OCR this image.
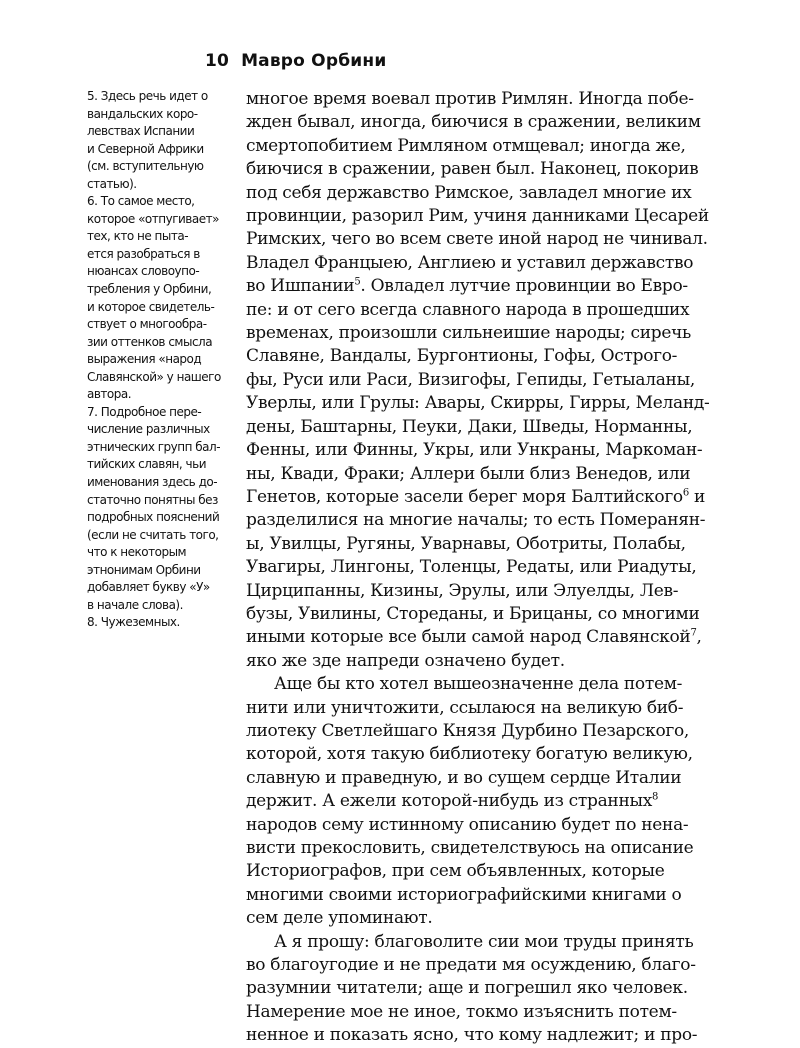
10 Мавро Орбини
5. Здесь речь идет о
вандальских коро-
левствах Испании
и Северной Африки
(см. вступительную
статью).
6. То самое место,
которое «отпугивает»
тех, кто не пыта-
ется разобраться в
нюансах словоупо-
требления у Орбини,
и которое свидетель-
ствует о многообра-
зии оттенков смысла
выражения «народ
Славянской» у нашего
автора.
7. Подробное пере-
числение различных
этнических групп бал-
тийских славян, чьи
именования здесь до-
статочно понятны без
подробных пояснений
(если не считать того,
что к некоторым
этнонимам Орбини
добавляет букву «У»
в начале слова).
8. Чужеземных.
многое время воевал против Римлян. Иногда побе-
жден бывал, иногда, биючися в сражении, великим
смертопобитием Римляном отмщевал; иногда же,
биючися в сражении, равен был. Наконец, покорив
под себя державство Римское, завладел многие их
провинции, разорил Рим, учиня данниками Цесарей
Римских, чего во всем свете иной народ не чинивал.
Владел Францыею, Англиею и уставил державство
во Ишпании$^5$. Овладел лутчие провинции во Евро-
пе: и от сего всегда славного народа в прошедших
временах, произошли сильнеишие народы; сиречь
Славяне, Вандалы, Бургонтионы, Гофы, Острого-
фы, Руси или Раси, Визигофы, Гепиды, Гетыаланы,
Уверлы, или Грулы: Авары, Скирры, Гирры, Меланд-
дены, Баштарны, Пеуки, Даки, Шведы, Норманны,
Фенны, или Финны, Укры, или Ункраны, Маркоман-
ны, Квади, Фраки; Аллери были близ Венедов, или
Генетов, которые засели берег моря Балтийского$^6$ и
разделилися на многие началы; то есть Померанян-
ы, Увилцы, Ругяны, Уварнавы, Оботриты, Полабы,
Увагиры, Лингоны, Толенцы, Редаты, или Риадуты,
Цирципанны, Кизины, Эрулы, или Элуелды, Лев-
бузы, Увилины, Стореданы, и Брицаны, со многими
иными которые все были самой народ Славянской$^7$,
яко же зде напреди означено будет.
Аще бы кто хотел вышеозначенне дела потем-
нити или уничтожити, ссылаюся на великую биб-
лиотеку Светлейшаго Князя Дурбино Пезарского,
которой, хотя такую библиотеку богатую великую,
славную и праведную, и во сущем сердце Италии
держит. А ежели которой-нибудь из странных$^8$
народов сему истинному описанию будет по нена-
висти прекословить, свидетелствуюсь на описание
Историографов, при сем объявленных, которые
многими своими историографийскими книгами о
сем деле упоминают.
А я прошу: благоволите сии мои труды принять
во благоугодие и не предати мя осуждению, благо-
разумнии читатели; аще и погрешил яко человек.
Намерение мое не иное, токмо изъяснить потем-
ненное и показать ясно, что кому надлежит; и про-
